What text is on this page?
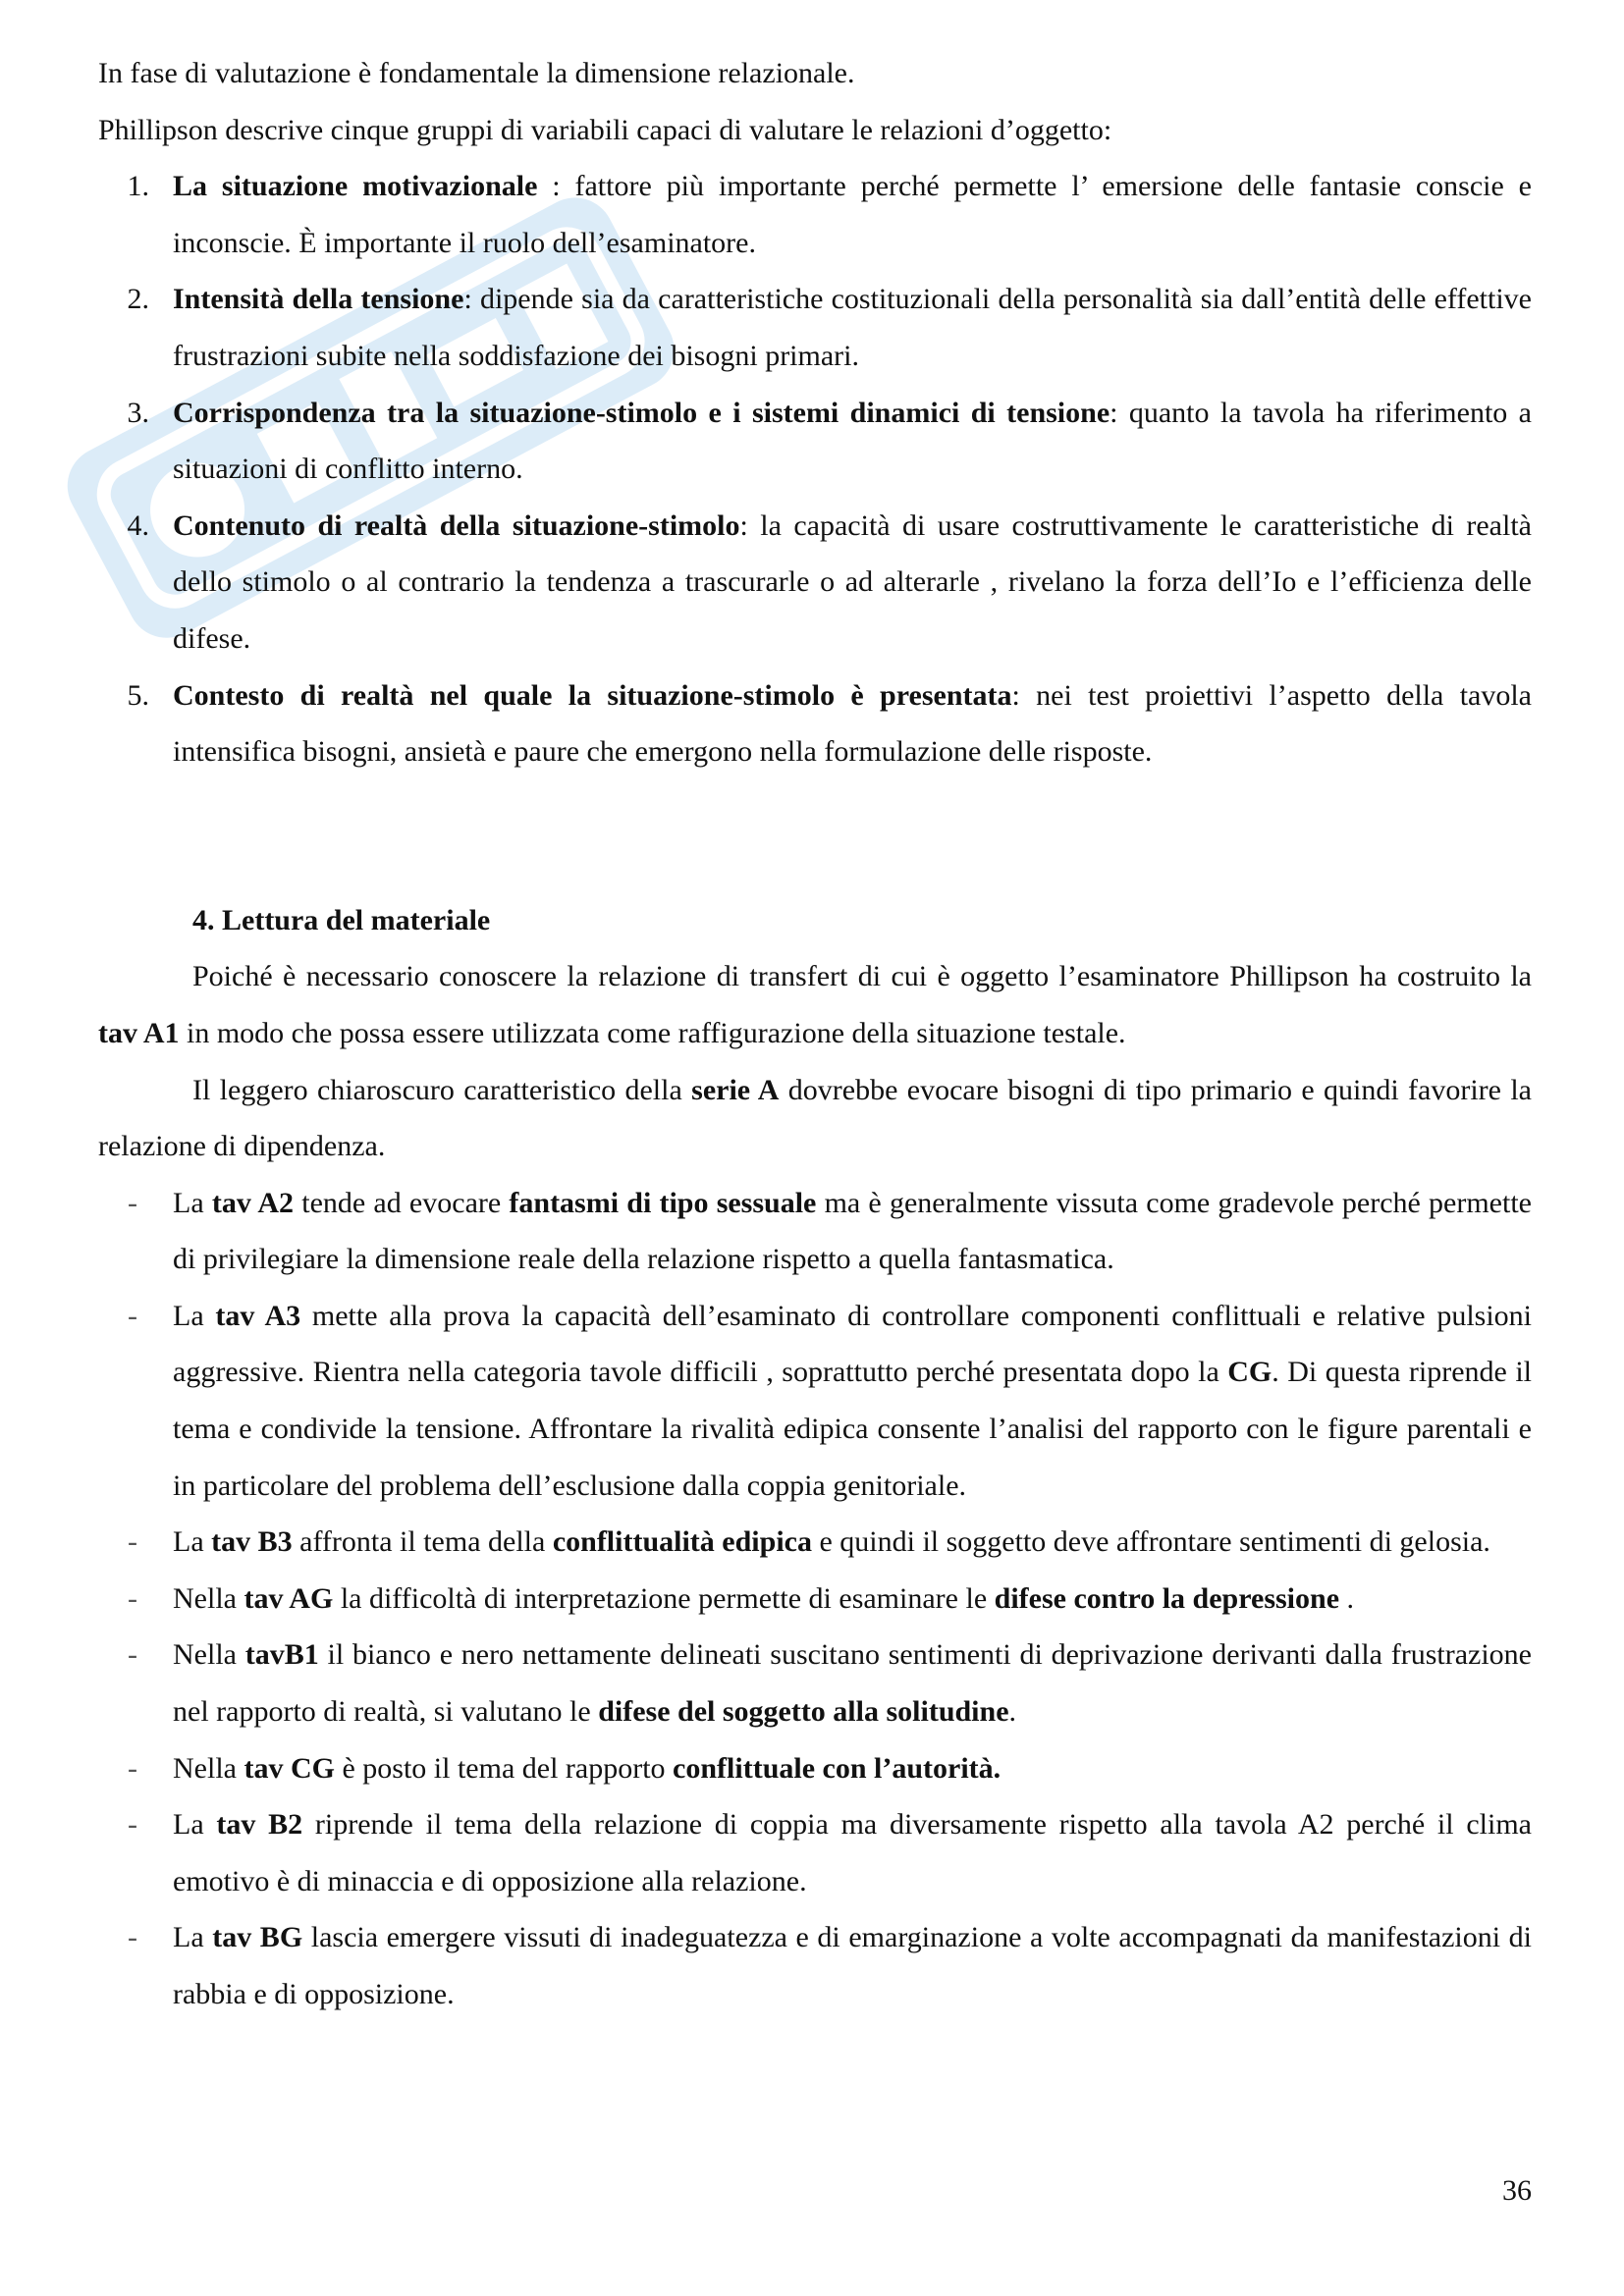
In fase di valutazione è fondamentale la dimensione relazionale.

Phillipson descrive cinque gruppi di variabili capaci di valutare le relazioni d’oggetto:

1. La situazione motivazionale : fattore più importante perché permette l’ emersione delle fantasie conscie e inconscie. È importante il ruolo dell’esaminatore.
2. Intensità della tensione: dipende sia da caratteristiche costituzionali della personalità sia dall’entità delle effettive frustrazioni subite nella soddisfazione dei bisogni primari.
3. Corrispondenza tra la situazione-stimolo e i sistemi dinamici di tensione: quanto la tavola ha riferimento a situazioni di conflitto interno.
4. Contenuto di realtà della situazione-stimolo: la capacità di usare costruttivamente le caratteristiche di realtà dello stimolo o al contrario la tendenza a trascurarle o ad alterarle , rivelano la forza dell’Io e l’efficienza delle difese.
5. Contesto di realtà nel quale la situazione-stimolo è presentata: nei test proiettivi l’aspetto della tavola intensifica bisogni, ansietà e paure che emergono nella formulazione delle risposte.

4. Lettura del materiale

Poiché è necessario conoscere la relazione di transfert di cui è oggetto l’esaminatore Phillipson ha costruito la tav A1 in modo che possa essere utilizzata come raffigurazione della situazione testale.

Il leggero chiaroscuro caratteristico della serie A dovrebbe evocare bisogni di tipo primario e quindi favorire la relazione di dipendenza.

- La tav A2 tende ad evocare fantasmi di tipo sessuale ma è generalmente vissuta come gradevole perché permette di privilegiare la dimensione reale della relazione rispetto a quella fantasmatica.
- La tav A3 mette alla prova la capacità dell’esaminato di controllare componenti conflittuali e relative pulsioni aggressive. Rientra nella categoria tavole difficili , soprattutto perché presentata dopo la CG. Di questa riprende il tema e condivide la tensione. Affrontare la rivalità edipica consente l’analisi del rapporto con le figure parentali e in particolare del problema dell’esclusione dalla coppia genitoriale.
- La tav B3 affronta il tema della conflittualità edipica e quindi il soggetto deve affrontare sentimenti di gelosia.
- Nella tav AG la difficoltà di interpretazione permette di esaminare le difese contro la depressione .
- Nella tavB1 il bianco e nero nettamente delineati suscitano sentimenti di deprivazione derivanti dalla frustrazione nel rapporto di realtà, si valutano le difese del soggetto alla solitudine.
- Nella tav CG è posto il tema del rapporto conflittuale con l’autorità.
- La tav B2 riprende il tema della relazione di coppia ma diversamente rispetto alla tavola A2 perché il clima emotivo è di minaccia e di opposizione alla relazione.
- La tav BG lascia emergere vissuti di inadeguatezza e di emarginazione a volte accompagnati da manifestazioni di rabbia e di opposizione.
36
